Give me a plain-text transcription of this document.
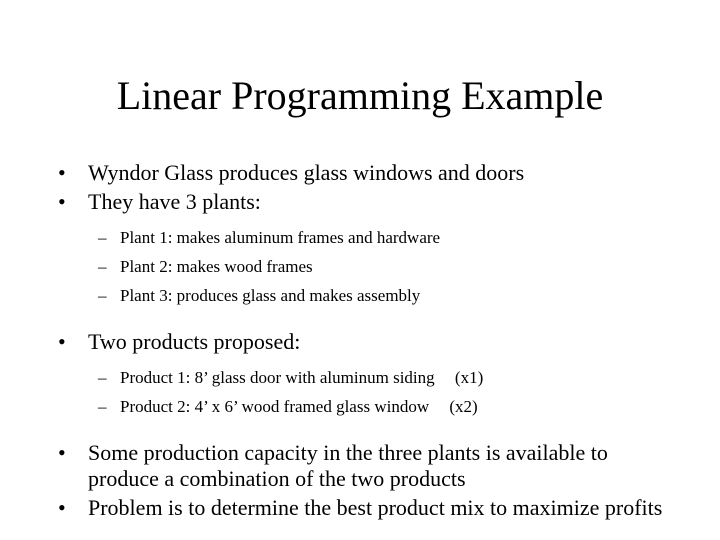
Linear Programming Example
•	Wyndor Glass produces glass windows and doors
•	They have 3 plants:
– Plant 1: makes aluminum frames and hardware
– Plant 2: makes wood frames
– Plant 3: produces glass and makes assembly
•	Two products proposed:
– Product 1: 8’ glass door with aluminum siding (x1)
– Product 2: 4’ x 6’ wood framed glass window (x2)
•	Some production capacity in the three plants is available to produce a combination of the two products
•	Problem is to determine the best product mix to maximize profits
